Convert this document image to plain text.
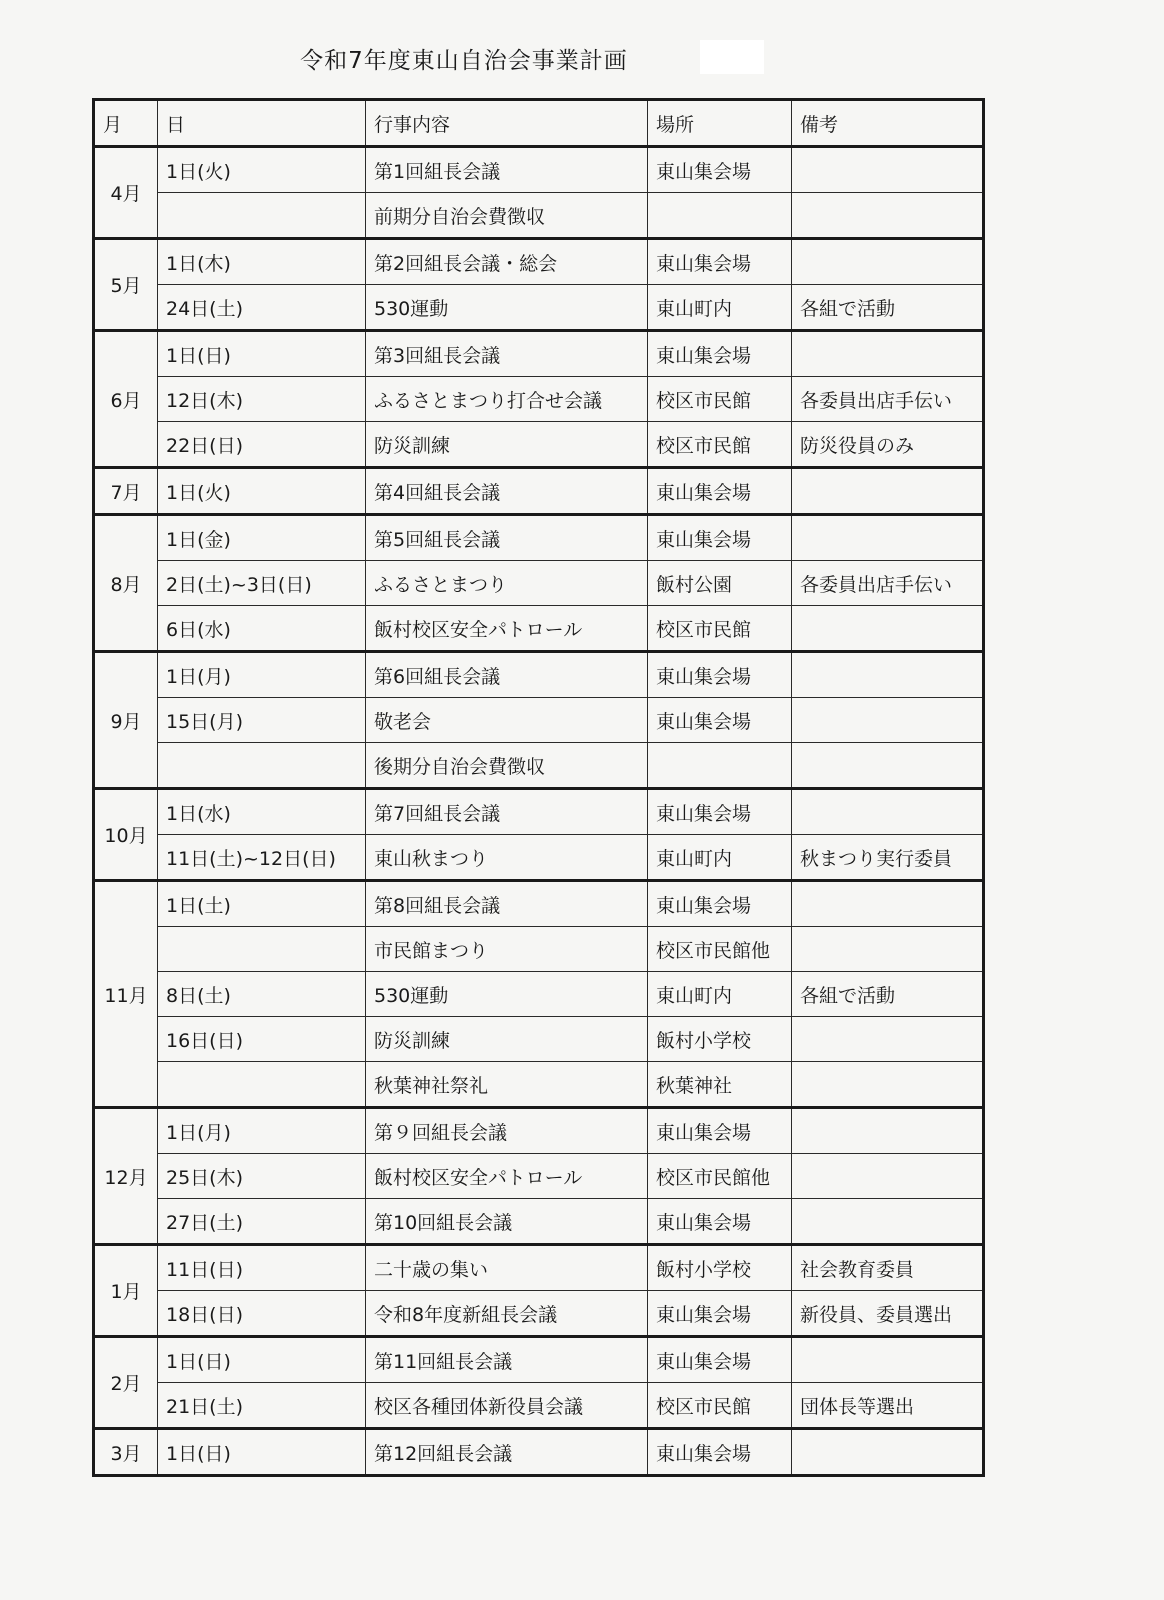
令和7年度東山自治会事業計画
月	日	行事内容	場所	備考
4月	1日(火)	第1回組長会議	東山集会場	
		前期分自治会費徴収		
5月	1日(木)	第2回組長会議・総会	東山集会場	
	24日(土)	530運動	東山町内	各組で活動
6月	1日(日)	第3回組長会議	東山集会場	
	12日(木)	ふるさとまつり打合せ会議	校区市民館	各委員出店手伝い
	22日(日)	防災訓練	校区市民館	防災役員のみ
7月	1日(火)	第4回組長会議	東山集会場	
8月	1日(金)	第5回組長会議	東山集会場	
	2日(土)~3日(日)	ふるさとまつり	飯村公園	各委員出店手伝い
	6日(水)	飯村校区安全パトロール	校区市民館	
9月	1日(月)	第6回組長会議	東山集会場	
	15日(月)	敬老会	東山集会場	
		後期分自治会費徴収		
10月	1日(水)	第7回組長会議	東山集会場	
	11日(土)~12日(日)	東山秋まつり	東山町内	秋まつり実行委員
11月	1日(土)	第8回組長会議	東山集会場	
		市民館まつり	校区市民館他	
	8日(土)	530運動	東山町内	各組で活動
	16日(日)	防災訓練	飯村小学校	
		秋葉神社祭礼	秋葉神社	
12月	1日(月)	第９回組長会議	東山集会場	
	25日(木)	飯村校区安全パトロール	校区市民館他	
	27日(土)	第10回組長会議	東山集会場	
1月	11日(日)	二十歳の集い	飯村小学校	社会教育委員
	18日(日)	令和8年度新組長会議	東山集会場	新役員、委員選出
2月	1日(日)	第11回組長会議	東山集会場	
	21日(土)	校区各種団体新役員会議	校区市民館	団体長等選出
3月	1日(日)	第12回組長会議	東山集会場	
